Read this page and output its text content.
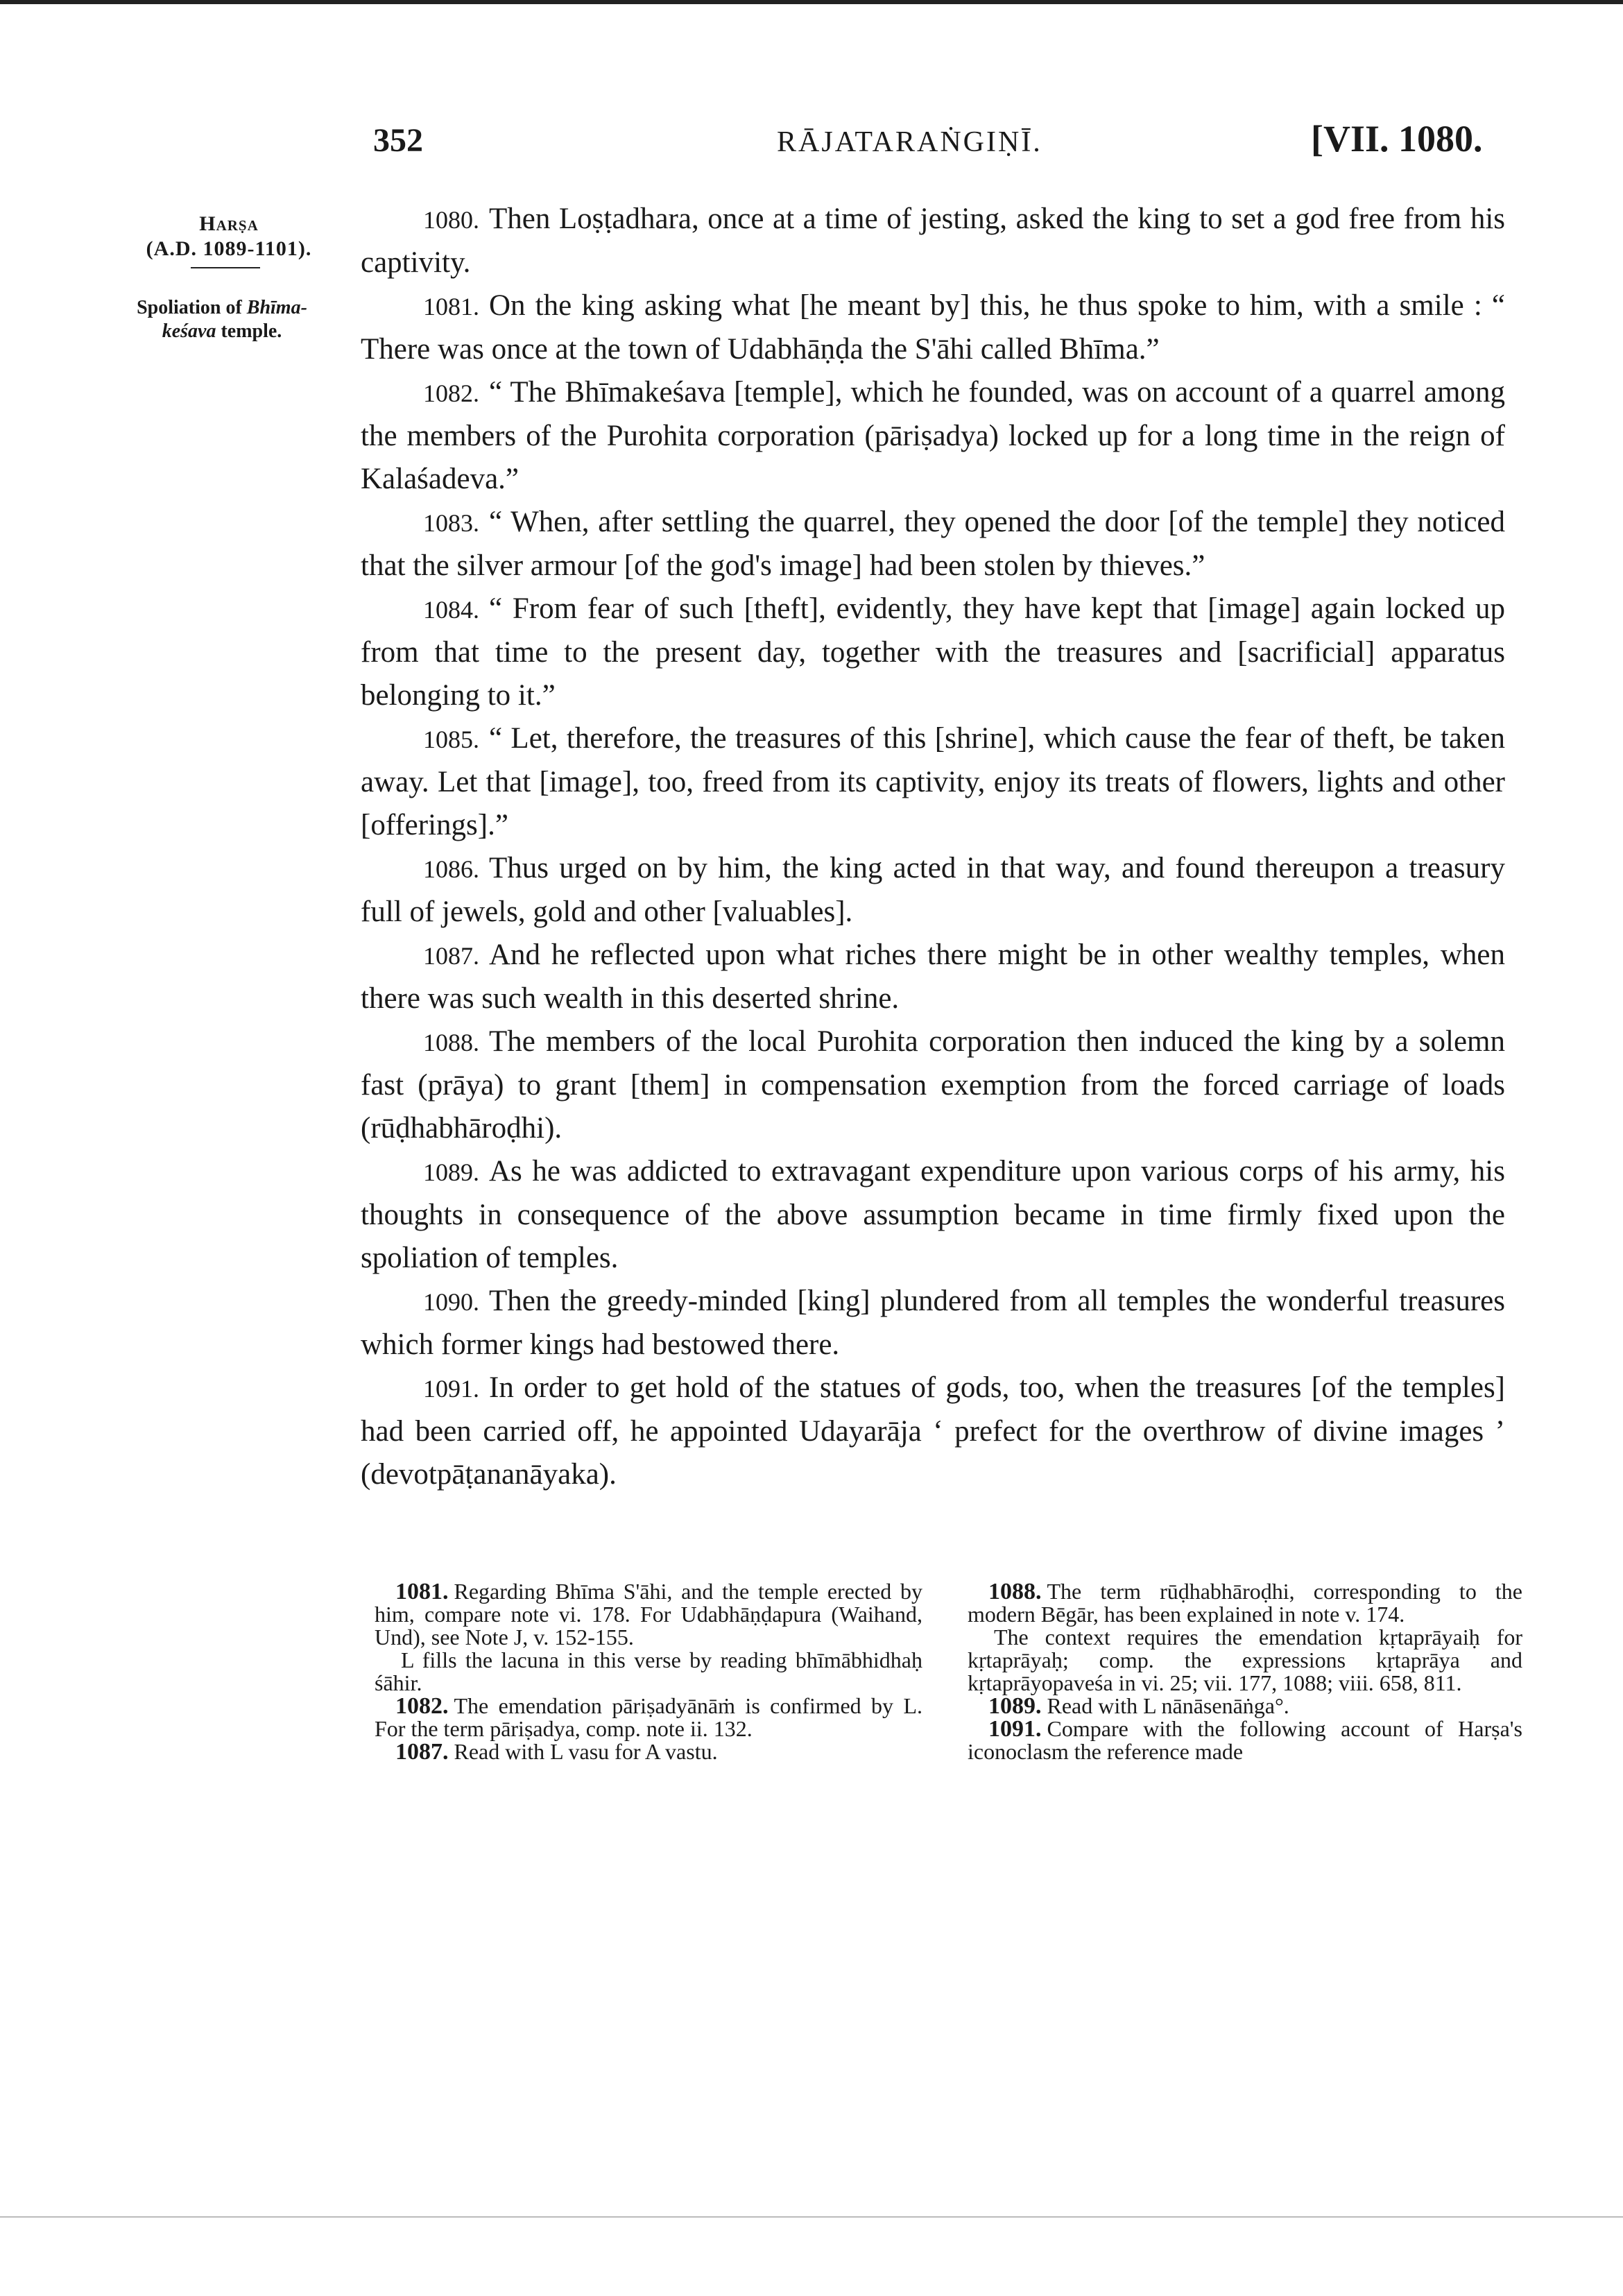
352	RĀJATARAṄGIṆĪ.	[VII. 1080.
Harṣa
(A.D. 1089-1101).
Spoliation of Bhīma-keśava temple.

1080. Then Loṣṭadhara, once at a time of jesting, asked the king to set a god free from his captivity.

1081. On the king asking what [he meant by] this, he thus spoke to him, with a smile : “ There was once at the town of Udabhāṇḍa the S'āhi called Bhīma.”

1082. “ The Bhīmakeśava [temple], which he founded, was on account of a quarrel among the members of the Purohita corporation (pāriṣadya) locked up for a long time in the reign of Kalaśadeva.”

1083. “ When, after settling the quarrel, they opened the door [of the temple] they noticed that the silver armour [of the god's image] had been stolen by thieves.”

1084. “ From fear of such [theft], evidently, they have kept that [image] again locked up from that time to the present day, together with the treasures and [sacrificial] apparatus belonging to it.”

1085. “ Let, therefore, the treasures of this [shrine], which cause the fear of theft, be taken away. Let that [image], too, freed from its captivity, enjoy its treats of flowers, lights and other [offerings].”

1086. Thus urged on by him, the king acted in that way, and found thereupon a treasury full of jewels, gold and other [valuables].

1087. And he reflected upon what riches there might be in other wealthy temples, when there was such wealth in this deserted shrine.

1088. The members of the local Purohita corporation then induced the king by a solemn fast (prāya) to grant [them] in compensation exemption from the forced carriage of loads (rūḍhabhāroḍhi).

1089. As he was addicted to extravagant expenditure upon various corps of his army, his thoughts in consequence of the above assumption became in time firmly fixed upon the spoliation of temples.

1090. Then the greedy-minded [king] plundered from all temples the wonderful treasures which former kings had bestowed there.

1091. In order to get hold of the statues of gods, too, when the treasures [of the temples] had been carried off, he appointed Udayarāja ‘ prefect for the overthrow of divine images ’ (devotpāṭananāyaka).

1081. Regarding Bhīma S'āhi, and the temple erected by him, compare note vi. 178. For Udabhāṇḍapura (Waihand, Und), see Note J, v. 152-155.

L fills the lacuna in this verse by reading bhīmābhidhaḥ śāhir.

1082. The emendation pāriṣadyānāṁ is confirmed by L. For the term pāriṣadya, comp. note ii. 132.

1087. Read with L vasu for A vastu.

1088. The term rūḍhabhāroḍhi, corresponding to the modern Bēgār, has been explained in note v. 174.

The context requires the emendation kṛtaprāyaiḥ for kṛtaprāyaḥ; comp. the expressions kṛtaprāya and kṛtaprāyopaveśa in vi. 25; vii. 177, 1088; viii. 658, 811.

1089. Read with L nānāsenāṅga°.

1091. Compare with the following account of Harṣa's iconoclasm the reference made
